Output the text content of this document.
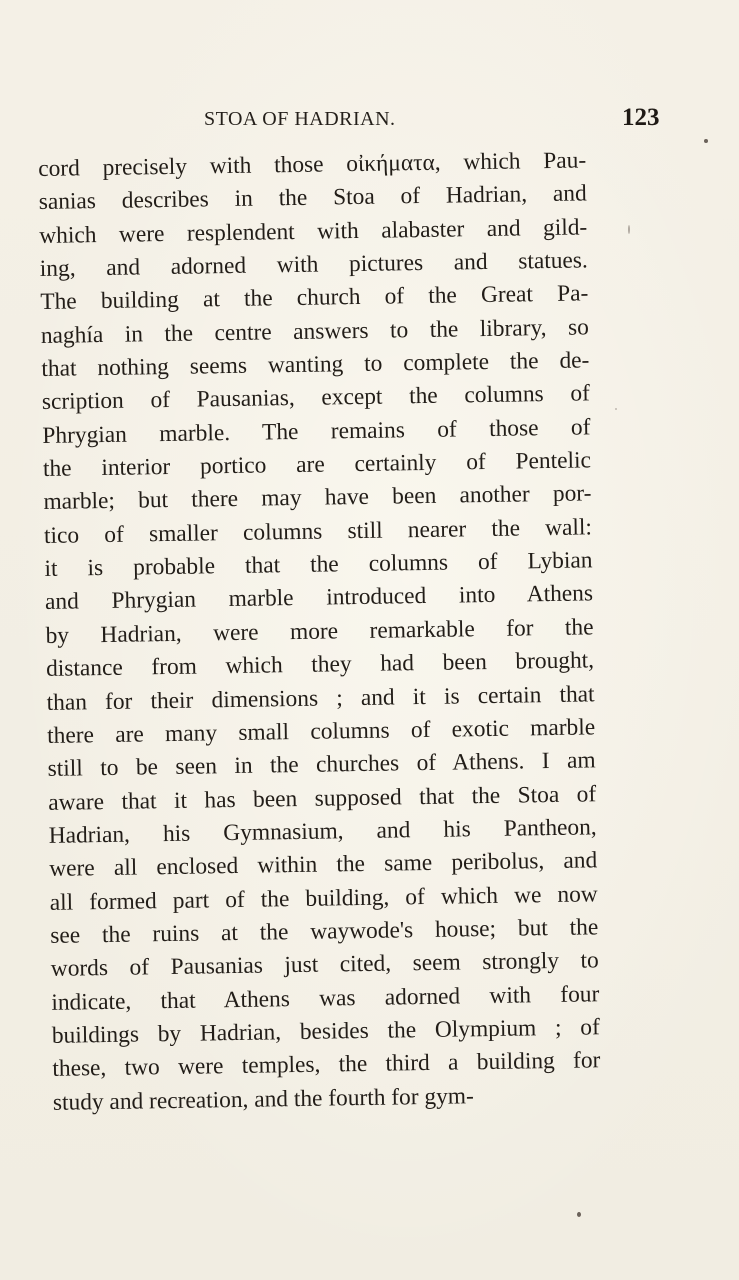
STOA OF HADRIAN.	123
cord precisely with those οἰκήματα, which Pau-
sanias describes in the Stoa of Hadrian, and
which were resplendent with alabaster and gild-
ing, and adorned with pictures and statues.
The building at the church of the Great Pa-
naghía in the centre answers to the library, so
that nothing seems wanting to complete the de-
scription of Pausanias, except the columns of
Phrygian marble. The remains of those of
the interior portico are certainly of Pentelic
marble; but there may have been another por-
tico of smaller columns still nearer the wall:
it is probable that the columns of Lybian
and Phrygian marble introduced into Athens
by Hadrian, were more remarkable for the
distance from which they had been brought,
than for their dimensions ; and it is certain that
there are many small columns of exotic marble
still to be seen in the churches of Athens. I am
aware that it has been supposed that the Stoa of
Hadrian, his Gymnasium, and his Pantheon,
were all enclosed within the same peribolus, and
all formed part of the building, of which we now
see the ruins at the waywode's house; but the
words of Pausanias just cited, seem strongly to
indicate, that Athens was adorned with four
buildings by Hadrian, besides the Olympium ; of
these, two were temples, the third a building for
study and recreation, and the fourth for gym-
